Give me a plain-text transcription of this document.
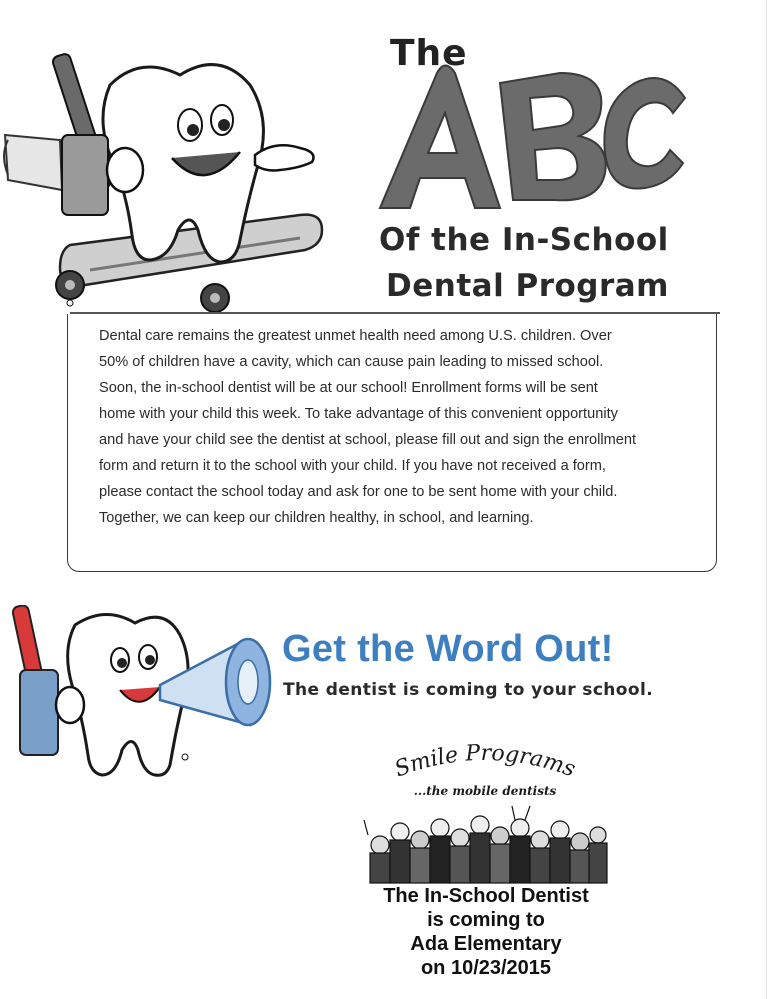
The
Of the In-School
Dental Program
Dental care remains the greatest unmet health need among U.S. children. Over
50% of children have a cavity, which can cause pain leading to missed school.
Soon, the in-school dentist will be at our school! Enrollment forms will be sent
home with your child this week. To take advantage of this convenient opportunity
and have your child see the dentist at school, please fill out and sign the enrollment
form and return it to the school with your child. If you have not received a form,
please contact the school today and ask for one to be sent home with your child.
Together, we can keep our children healthy, in school, and learning.
Get the Word Out!
The dentist is coming to your school.
Smile Programs
...the mobile dentists
The In-School Dentist
is coming to
Ada Elementary
on 10/23/2015
